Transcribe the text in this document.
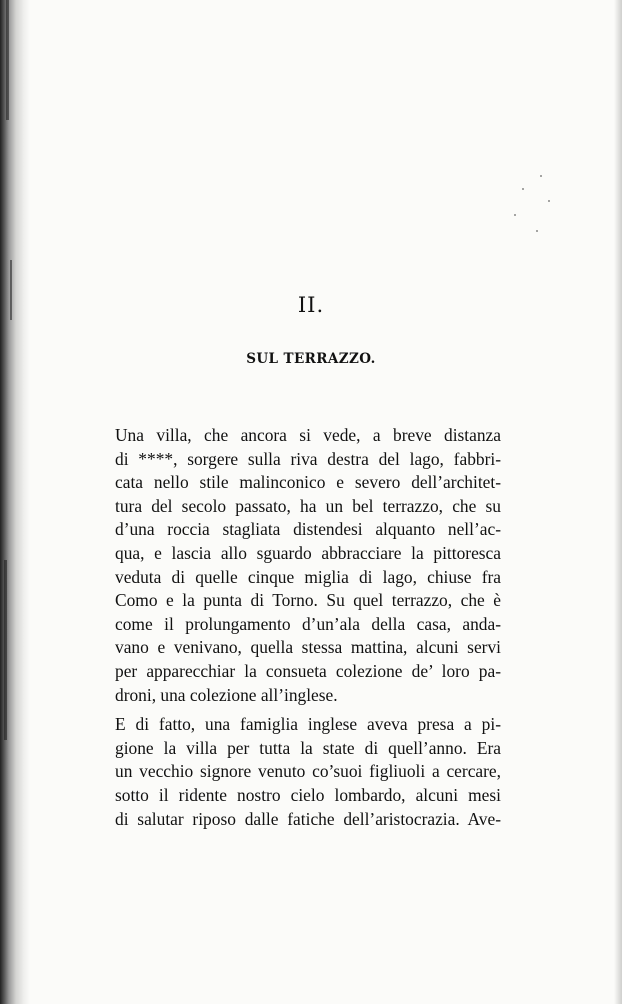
II.
SUL TERRAZZO.
Una villa, che ancora si vede, a breve distanza
di ****, sorgere sulla riva destra del lago, fabbri-
cata nello stile malinconico e severo dell’architet-
tura del secolo passato, ha un bel terrazzo, che su
d’una roccia stagliata distendesi alquanto nell’ac-
qua, e lascia allo sguardo abbracciare la pittoresca
veduta di quelle cinque miglia di lago, chiuse fra
Como e la punta di Torno. Su quel terrazzo, che è
come il prolungamento d’un’ala della casa, anda-
vano e venivano, quella stessa mattina, alcuni servi
per apparecchiar la consueta colezione de’ loro pa-
droni, una colezione all’inglese.
E di fatto, una famiglia inglese aveva presa a pi-
gione la villa per tutta la state di quell’anno. Era
un vecchio signore venuto co’suoi figliuoli a cercare,
sotto il ridente nostro cielo lombardo, alcuni mesi
di salutar riposo dalle fatiche dell’aristocrazia. Ave-
